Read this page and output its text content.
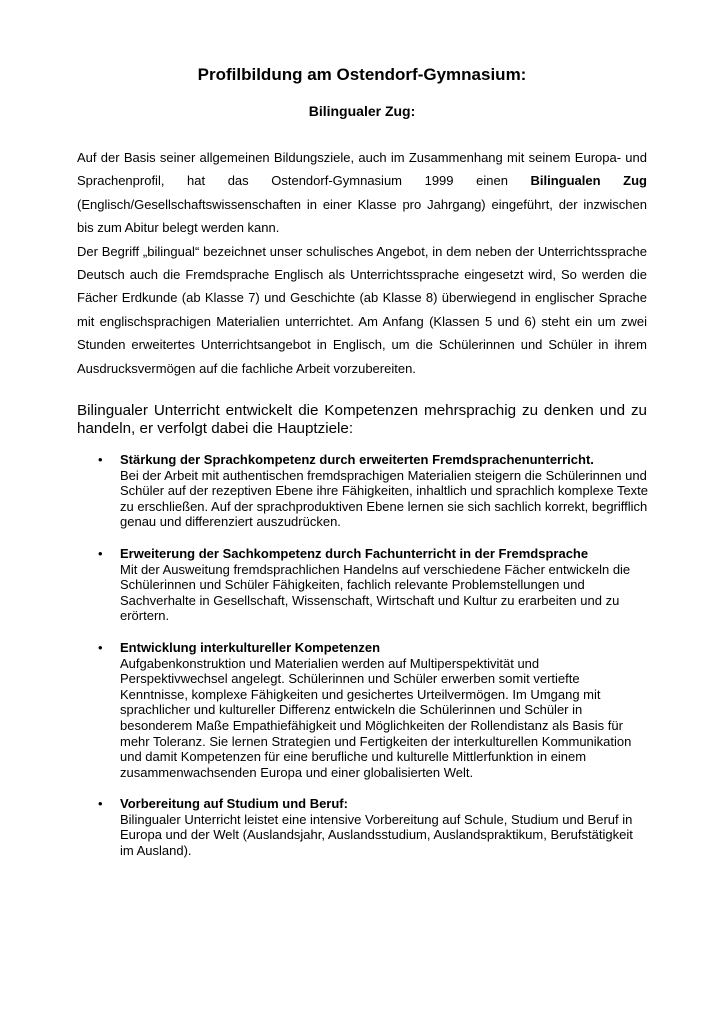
Profilbildung am Ostendorf-Gymnasium:
Bilingualer Zug:

Auf der Basis seiner allgemeinen Bildungsziele, auch im Zusammenhang mit seinem Europa- und Sprachenprofil, hat das Ostendorf-Gymnasium 1999 einen Bilingualen Zug (Englisch/Gesellschaftswissenschaften in einer Klasse pro Jahrgang) eingeführt, der inzwischen bis zum Abitur belegt werden kann.

Der Begriff „bilingual“ bezeichnet unser schulisches Angebot, in dem neben der Unterrichtssprache Deutsch auch die Fremdsprache Englisch als Unterrichtssprache eingesetzt wird, So werden die Fächer Erdkunde (ab Klasse 7) und Geschichte (ab Klasse 8) überwiegend in englischer Sprache mit englischsprachigen Materialien unterrichtet. Am Anfang (Klassen 5 und 6) steht ein um zwei Stunden erweitertes Unterrichtsangebot in Englisch, um die Schülerinnen und Schüler in ihrem Ausdrucksvermögen auf die fachliche Arbeit vorzubereiten.

Bilingualer Unterricht entwickelt die Kompetenzen mehrsprachig zu denken und zu handeln, er verfolgt dabei die Hauptziele:
• Stärkung der Sprachkompetenz durch erweiterten Fremdsprachenunterricht.
Bei der Arbeit mit authentischen fremdsprachigen Materialien steigern die Schülerinnen und Schüler auf der rezeptiven Ebene ihre Fähigkeiten, inhaltlich und sprachlich komplexe Texte zu erschließen. Auf der sprachproduktiven Ebene lernen sie sich sachlich korrekt, begrifflich genau und differenziert auszudrücken.
• Erweiterung der Sachkompetenz durch Fachunterricht in der Fremdsprache
Mit der Ausweitung fremdsprachlichen Handelns auf verschiedene Fächer entwickeln die Schülerinnen und Schüler Fähigkeiten, fachlich relevante Problemstellungen und Sachverhalte in Gesellschaft, Wissenschaft, Wirtschaft und Kultur zu erarbeiten und zu erörtern.
• Entwicklung interkultureller Kompetenzen
Aufgabenkonstruktion und Materialien werden auf Multiperspektivität und Perspektivwechsel angelegt. Schülerinnen und Schüler erwerben somit vertiefte Kenntnisse, komplexe Fähigkeiten und gesichertes Urteilvermögen. Im Umgang mit sprachlicher und kultureller Differenz entwickeln die Schülerinnen und Schüler in besonderem Maße Empathiefähigkeit und Möglichkeiten der Rollendistanz als Basis für mehr Toleranz. Sie lernen Strategien und Fertigkeiten der interkulturellen Kommunikation und damit Kompetenzen für eine berufliche und kulturelle Mittlerfunktion in einem zusammenwachsenden Europa und einer globalisierten Welt.
• Vorbereitung auf Studium und Beruf:
Bilingualer Unterricht leistet eine intensive Vorbereitung auf Schule, Studium und Beruf in Europa und der Welt (Auslandsjahr, Auslandsstudium, Auslandspraktikum, Berufstätigkeit im Ausland).
